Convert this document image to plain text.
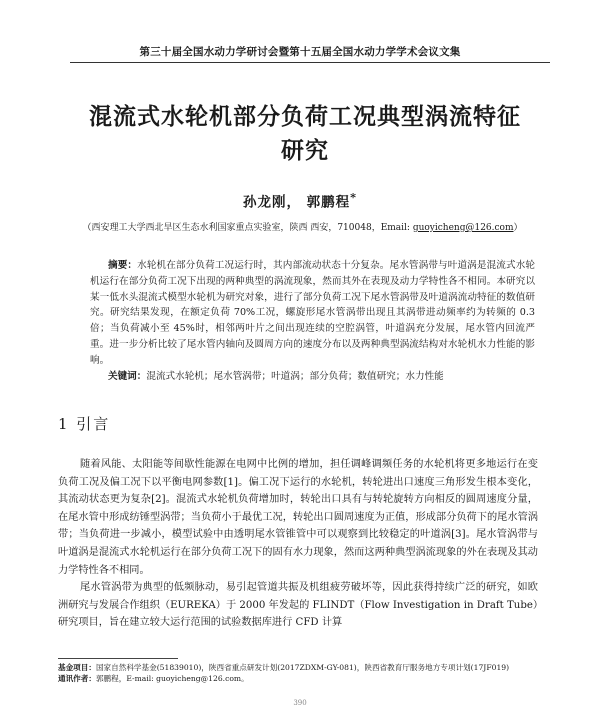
第三十届全国水动力学研讨会暨第十五届全国水动力学学术会议文集
混流式水轮机部分负荷工况典型涡流特征
研究
孙龙刚， 郭鹏程*
（西安理工大学西北旱区生态水利国家重点实验室，陕西 西安，710048，Email: guoyicheng@126.com）

摘要：水轮机在部分负荷工况运行时，其内部流动状态十分复杂。尾水管涡带与叶道涡是混流式水轮机运行在部分负荷工况下出现的两种典型的涡流现象，然而其外在表现及动力学特性各不相同。本研究以某一低水头混流式模型水轮机为研究对象，进行了部分负荷工况下尾水管涡带及叶道涡流动特征的数值研究。研究结果发现，在额定负荷 70%工况，螺旋形尾水管涡带出现且其涡带进动频率约为转频的 0.3 倍；当负荷减小至 45%时，相邻两叶片之间出现连续的空腔涡管，叶道涡充分发展，尾水管内回流严重。进一步分析比较了尾水管内轴向及圆周方向的速度分布以及两种典型涡流结构对水轮机水力性能的影响。

关键词：混流式水轮机；尾水管涡带；叶道涡；部分负荷；数值研究；水力性能

1 引言

随着风能、太阳能等间歇性能源在电网中比例的增加，担任调峰调频任务的水轮机将更多地运行在变负荷工况及偏工况下以平衡电网参数[1]。偏工况下运行的水轮机，转轮进出口速度三角形发生根本变化，其流动状态更为复杂[2]。混流式水轮机负荷增加时，转轮出口具有与转轮旋转方向相反的圆周速度分量，在尾水管中形成纺锤型涡带；当负荷小于最优工况，转轮出口圆周速度为正值，形成部分负荷下的尾水管涡带；当负荷进一步减小，模型试验中由透明尾水管锥管中可以观察到比较稳定的叶道涡[3]。尾水管涡带与叶道涡是混流式水轮机运行在部分负荷工况下的固有水力现象，然而这两种典型涡流现象的外在表现及其动力学特性各不相同。

尾水管涡带为典型的低频脉动，易引起管道共振及机组疲劳破坏等，因此获得持续广泛的研究，如欧洲研究与发展合作组织（EUREKA）于 2000 年发起的 FLINDT（Flow Investigation in Draft Tube）研究项目，旨在建立较大运行范围的试验数据库进行 CFD 计算

基金项目：国家自然科学基金(51839010)，陕西省重点研发计划(2017ZDXM-GY-081)，陕西省教育厅服务地方专项计划(17JF019)
通讯作者：郭鹏程，E-mail: guoyicheng@126.com。
390
